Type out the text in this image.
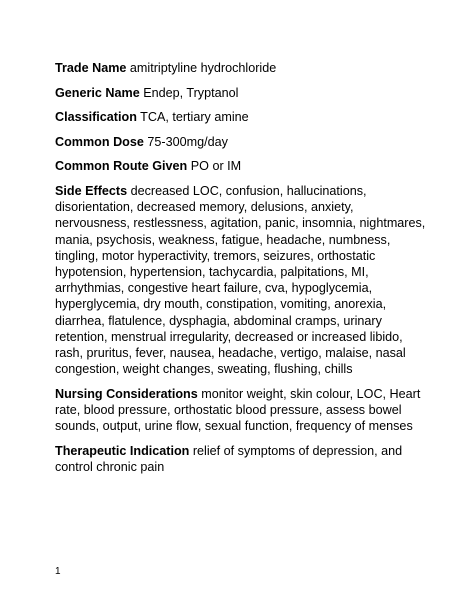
Trade Name amitriptyline hydrochloride

Generic Name Endep, Tryptanol

Classification TCA, tertiary amine

Common Dose 75-300mg/day

Common Route Given PO or IM

Side Effects decreased LOC, confusion, hallucinations, disorientation, decreased memory, delusions, anxiety, nervousness, restlessness, agitation, panic, insomnia, nightmares, mania, psychosis, weakness, fatigue, headache, numbness, tingling, motor hyperactivity, tremors, seizures, orthostatic hypotension, hypertension, tachycardia, palpitations, MI, arrhythmias, congestive heart failure, cva, hypoglycemia, hyperglycemia, dry mouth, constipation, vomiting, anorexia, diarrhea, flatulence, dysphagia, abdominal cramps, urinary retention, menstrual irregularity, decreased or increased libido, rash, pruritus, fever, nausea, headache, vertigo, malaise, nasal congestion, weight changes, sweating, flushing, chills

Nursing Considerations monitor weight, skin colour, LOC, Heart rate, blood pressure, orthostatic blood pressure, assess bowel sounds, output, urine flow, sexual function, frequency of menses

Therapeutic Indication relief of symptoms of depression, and control chronic pain

1
